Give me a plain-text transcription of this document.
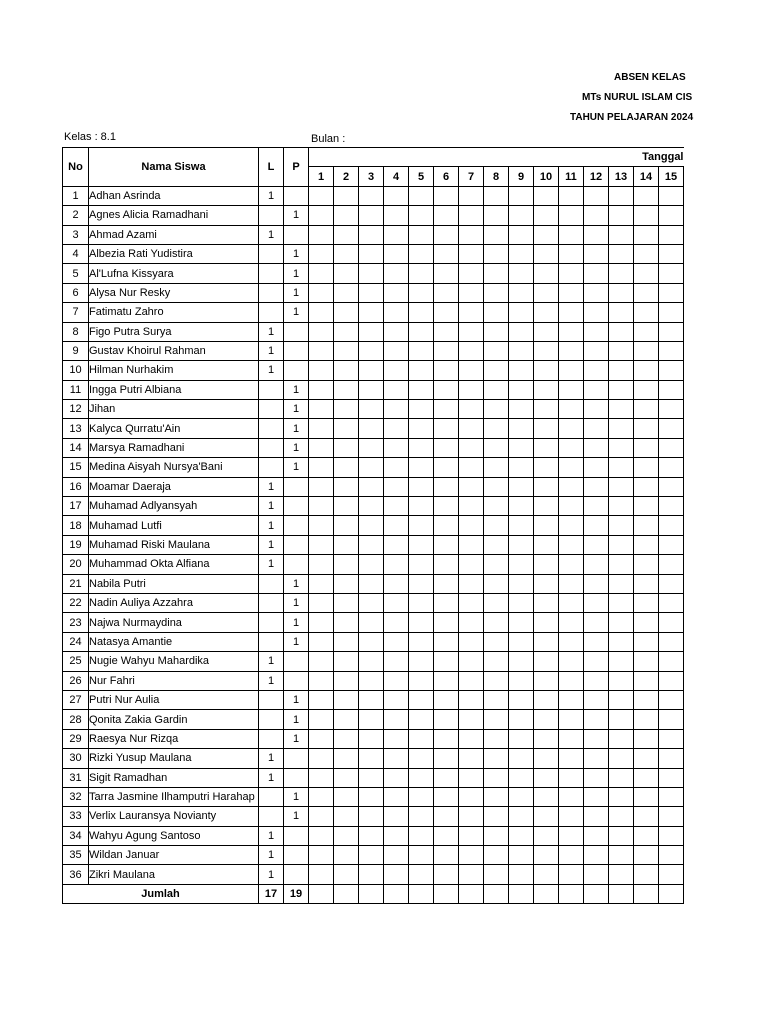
ABSEN KELAS
MTs NURUL ISLAM CIS
TAHUN PELAJARAN 2024
Kelas : 8.1	Bulan :
No	Nama Siswa	L	P	Tanggal														
				1	2	3	4	5	6	7	8	9	10	11	12	13	14	15
1	Adhan Asrinda	1																
2	Agnes Alicia Ramadhani		1															
3	Ahmad Azami	1																
4	Albezia Rati Yudistira		1															
5	Al'Lufna Kissyara		1															
6	Alysa Nur Resky		1															
7	Fatimatu Zahro		1															
8	Figo Putra Surya	1																
9	Gustav Khoirul Rahman	1																
10	Hilman Nurhakim	1																
11	Ingga Putri Albiana		1															
12	Jihan		1															
13	Kalyca Qurratu'Ain		1															
14	Marsya Ramadhani		1															
15	Medina Aisyah Nursya'Bani		1															
16	Moamar Daeraja	1																
17	Muhamad Adlyansyah	1																
18	Muhamad Lutfi	1																
19	Muhamad Riski Maulana	1																
20	Muhammad Okta Alfiana	1																
21	Nabila Putri		1															
22	Nadin Auliya Azzahra		1															
23	Najwa Nurmaydina		1															
24	Natasya Amantie		1															
25	Nugie Wahyu Mahardika	1																
26	Nur Fahri	1																
27	Putri Nur Aulia		1															
28	Qonita Zakia Gardin		1															
29	Raesya Nur Rizqa		1															
30	Rizki Yusup Maulana	1																
31	Sigit Ramadhan	1																
32	Tarra Jasmine Ilhamputri Harahap		1															
33	Verlix Lauransya Novianty		1															
34	Wahyu Agung Santoso	1																
35	Wildan Januar	1																
36	Zikri Maulana	1																
Jumlah		17	19															
